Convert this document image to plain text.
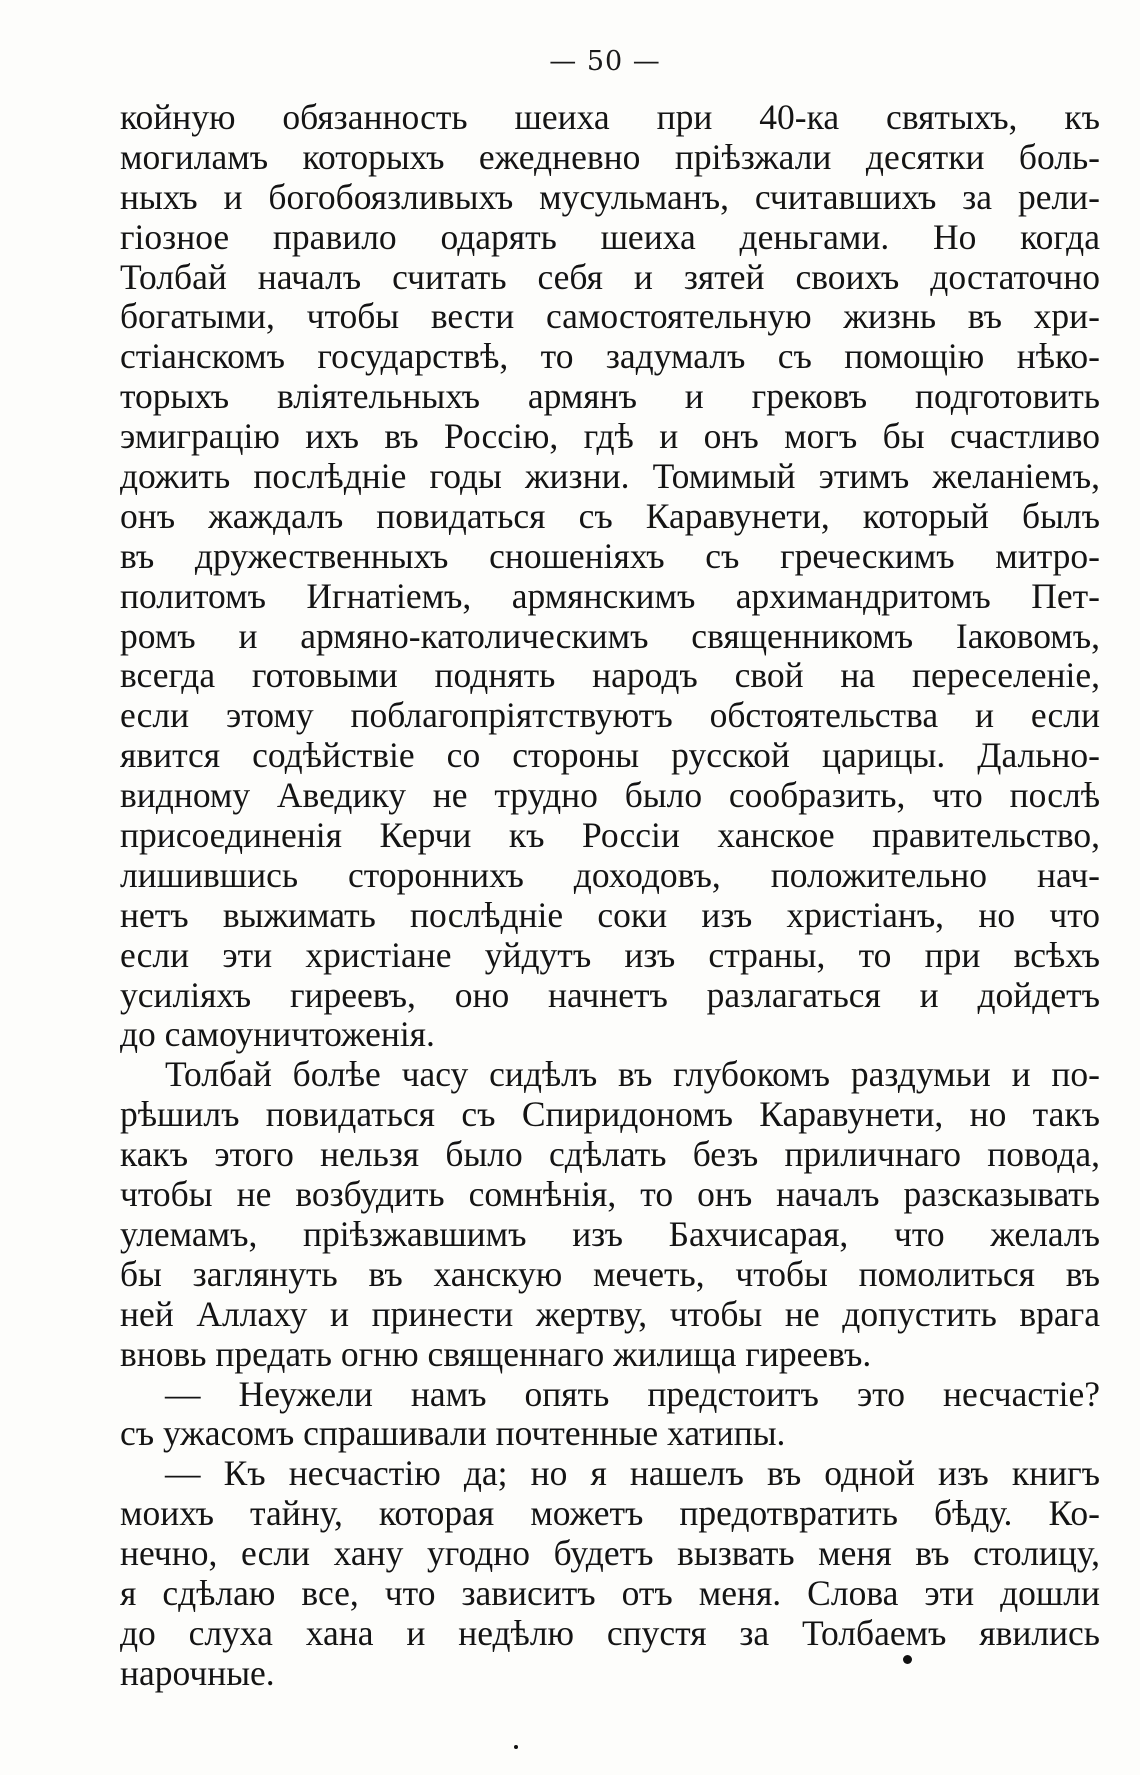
— 50 —
койную обязанность шеиха при 40-ка святыхъ, къ
могиламъ которыхъ ежедневно прiѣзжали десятки боль-
ныхъ и богобоязливыхъ мусульманъ, считавшихъ за рели-
гiозное правило одарять шеиха деньгами. Но когда
Толбай началъ считать себя и зятей своихъ достаточно
богатыми, чтобы вести самостоятельную жизнь въ хри-
стiанскомъ государствѣ, то задумалъ съ помощiю нѣко-
торыхъ влiятельныхъ армянъ и грековъ подготовить
эмиграцiю ихъ въ Россiю, гдѣ и онъ могъ бы счастливо
дожить послѣднiе годы жизни. Томимый этимъ желанiемъ,
онъ жаждалъ повидаться съ Каравунети, который былъ
въ дружественныхъ сношенiяхъ съ греческимъ митро-
политомъ Игнатiемъ, армянскимъ архимандритомъ Пет-
ромъ и армяно-католическимъ священникомъ Iаковомъ,
всегда готовыми поднять народъ свой на переселенiе,
если этому поблагопрiятствуютъ обстоятельства и если
явится содѣйствiе со стороны русской царицы. Дально-
видному Аведику не трудно было сообразить, что послѣ
присоединенiя Керчи къ Россiи ханское правительство,
лишившись стороннихъ доходовъ, положительно нач-
нетъ выжимать послѣднiе соки изъ христiанъ, но что
если эти христiане уйдутъ изъ страны, то при всѣхъ
усилiяхъ гиреевъ, оно начнетъ разлагаться и дойдетъ
до самоуничтоженiя.
Толбай болѣе часу сидѣлъ въ глубокомъ раздумьи и по-
рѣшилъ повидаться съ Спиридономъ Каравунети, но такъ
какъ этого нельзя было сдѣлать безъ приличнаго повода,
чтобы не возбудить сомнѣнiя, то онъ началъ разсказывать
улемамъ, прiѣзжавшимъ изъ Бахчисарая, что желалъ
бы заглянуть въ ханскую мечеть, чтобы помолиться въ
ней Аллаху и принести жертву, чтобы не допустить врага
вновь предать огню священнаго жилища гиреевъ.
— Неужели намъ опять предстоитъ это несчастiе?
съ ужасомъ спрашивали почтенные хатипы.
— Къ несчастiю да; но я нашелъ въ одной изъ книгъ
моихъ тайну, которая можетъ предотвратить бѣду. Ко-
нечно, если хану угодно будетъ вызвать меня въ столицу,
я сдѣлаю все, что зависитъ отъ меня. Слова эти дошли
до слуха хана и недѣлю спустя за Толбаемъ явились
нарочные.
